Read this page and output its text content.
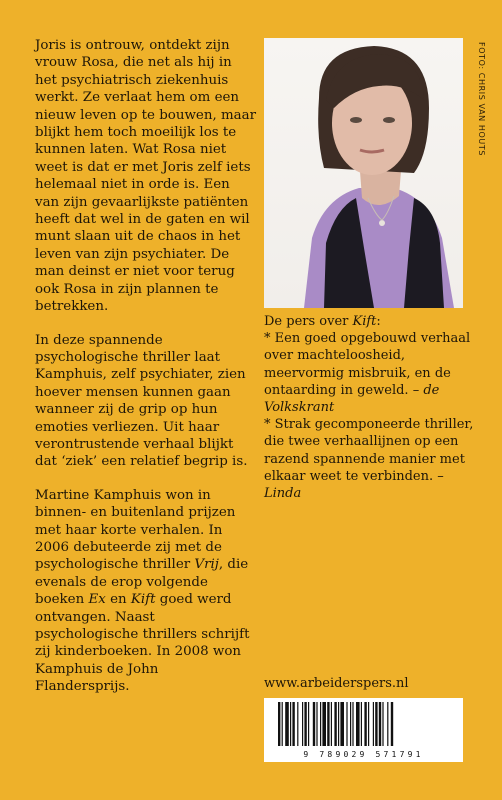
Joris is ontrouw, ontdekt zijn vrouw Rosa, die net als hij in het psychiatrisch ziekenhuis werkt. Ze verlaat hem om een nieuw leven op te bouwen, maar blijkt hem toch moeilijk los te kunnen laten. Wat Rosa niet weet is dat er met Joris zelf iets helemaal niet in orde is. Een van zijn gevaarlijkste patiënten heeft dat wel in de gaten en wil munt slaan uit de chaos in het leven van zijn psychiater. De man deinst er niet voor terug ook Rosa in zijn plannen te betrekken.

In deze spannende psychologische thriller laat Kamphuis, zelf psychiater, zien hoever mensen kunnen gaan wanneer zij de grip op hun emoties verliezen. Uit haar verontrustende verhaal blijkt dat ‘ziek’ een relatief begrip is.

Martine Kamphuis won in binnen- en buitenland prijzen met haar korte verhalen. In 2006 debuteerde zij met de psychologische thriller Vrij, die evenals de erop volgende boeken Ex en Kift goed werd ontvangen. Naast psychologische thrillers schrijft zij kinderboeken. In 2008 won Kamphuis de John Flandersprijs.

FOTO: CHRIS VAN HOUTS

De pers over Kift:

* Een goed opgebouwd verhaal over machteloosheid, meervormig misbruik, en de ontaarding in geweld. – de Volkskrant

* Strak gecomponeerde thriller, die twee verhaallijnen op een razend spannende manier met elkaar weet te verbinden. – Linda

www.arbeiderspers.nl
9 789029 571791
